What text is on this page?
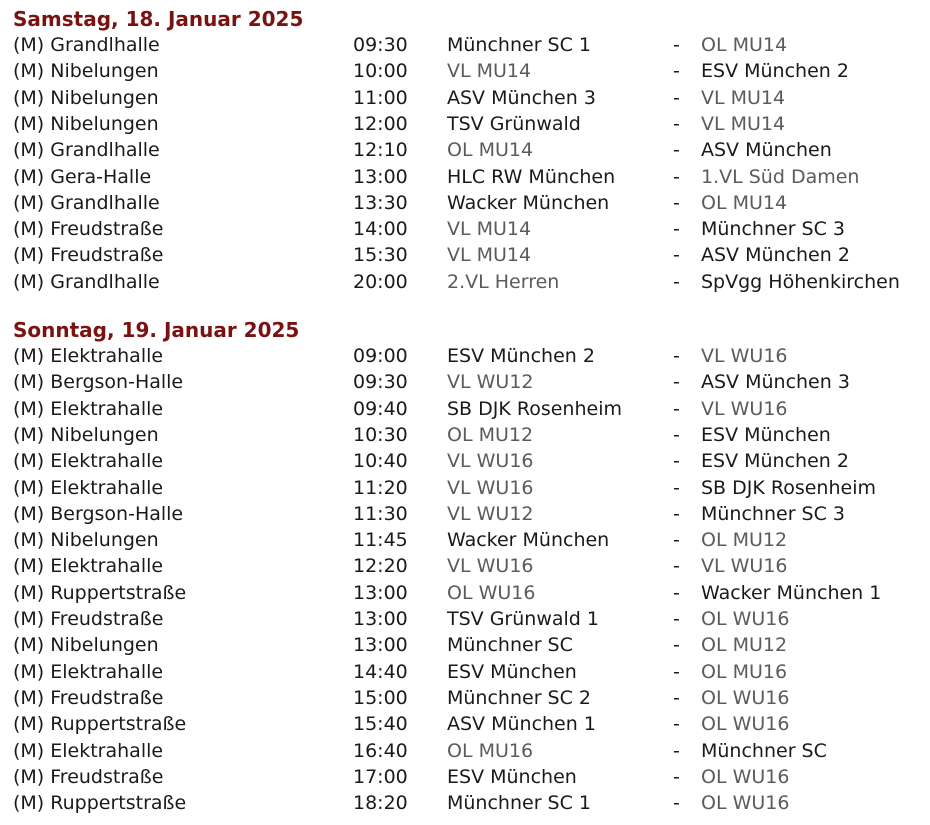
Samstag, 18. Januar 2025
(M) Grandlhalle	09:30 Münchner SC 1	- OL MU14
(M) Nibelungen	10:00 VL MU14	- ESV München 2
(M) Nibelungen	11:00 ASV München 3	- VL MU14
(M) Nibelungen	12:00 TSV Grünwald	- VL MU14
(M) Grandlhalle	12:10 OL MU14	- ASV München
(M) Gera-Halle	13:00 HLC RW München	- 1.VL Süd Damen
(M) Grandlhalle	13:30 Wacker München	- OL MU14
(M) Freudstraße	14:00 VL MU14	- Münchner SC 3
(M) Freudstraße	15:30 VL MU14	- ASV München 2
(M) Grandlhalle	20:00 2.VL Herren	- SpVgg Höhenkirchen
Sonntag, 19. Januar 2025
(M) Elektrahalle	09:00 ESV München 2	- VL WU16
(M) Bergson-Halle	09:30 VL WU12	- ASV München 3
(M) Elektrahalle	09:40 SB DJK Rosenheim	- VL WU16
(M) Nibelungen	10:30 OL MU12	- ESV München
(M) Elektrahalle	10:40 VL WU16	- ESV München 2
(M) Elektrahalle	11:20 VL WU16	- SB DJK Rosenheim
(M) Bergson-Halle	11:30 VL WU12	- Münchner SC 3
(M) Nibelungen	11:45 Wacker München	- OL MU12
(M) Elektrahalle	12:20 VL WU16	- VL WU16
(M) Ruppertstraße	13:00 OL WU16	- Wacker München 1
(M) Freudstraße	13:00 TSV Grünwald 1	- OL WU16
(M) Nibelungen	13:00 Münchner SC	- OL MU12
(M) Elektrahalle	14:40 ESV München	- OL MU16
(M) Freudstraße	15:00 Münchner SC 2	- OL WU16
(M) Ruppertstraße	15:40 ASV München 1	- OL WU16
(M) Elektrahalle	16:40 OL MU16	- Münchner SC
(M) Freudstraße	17:00 ESV München	- OL WU16
(M) Ruppertstraße	18:20 Münchner SC 1	- OL WU16
